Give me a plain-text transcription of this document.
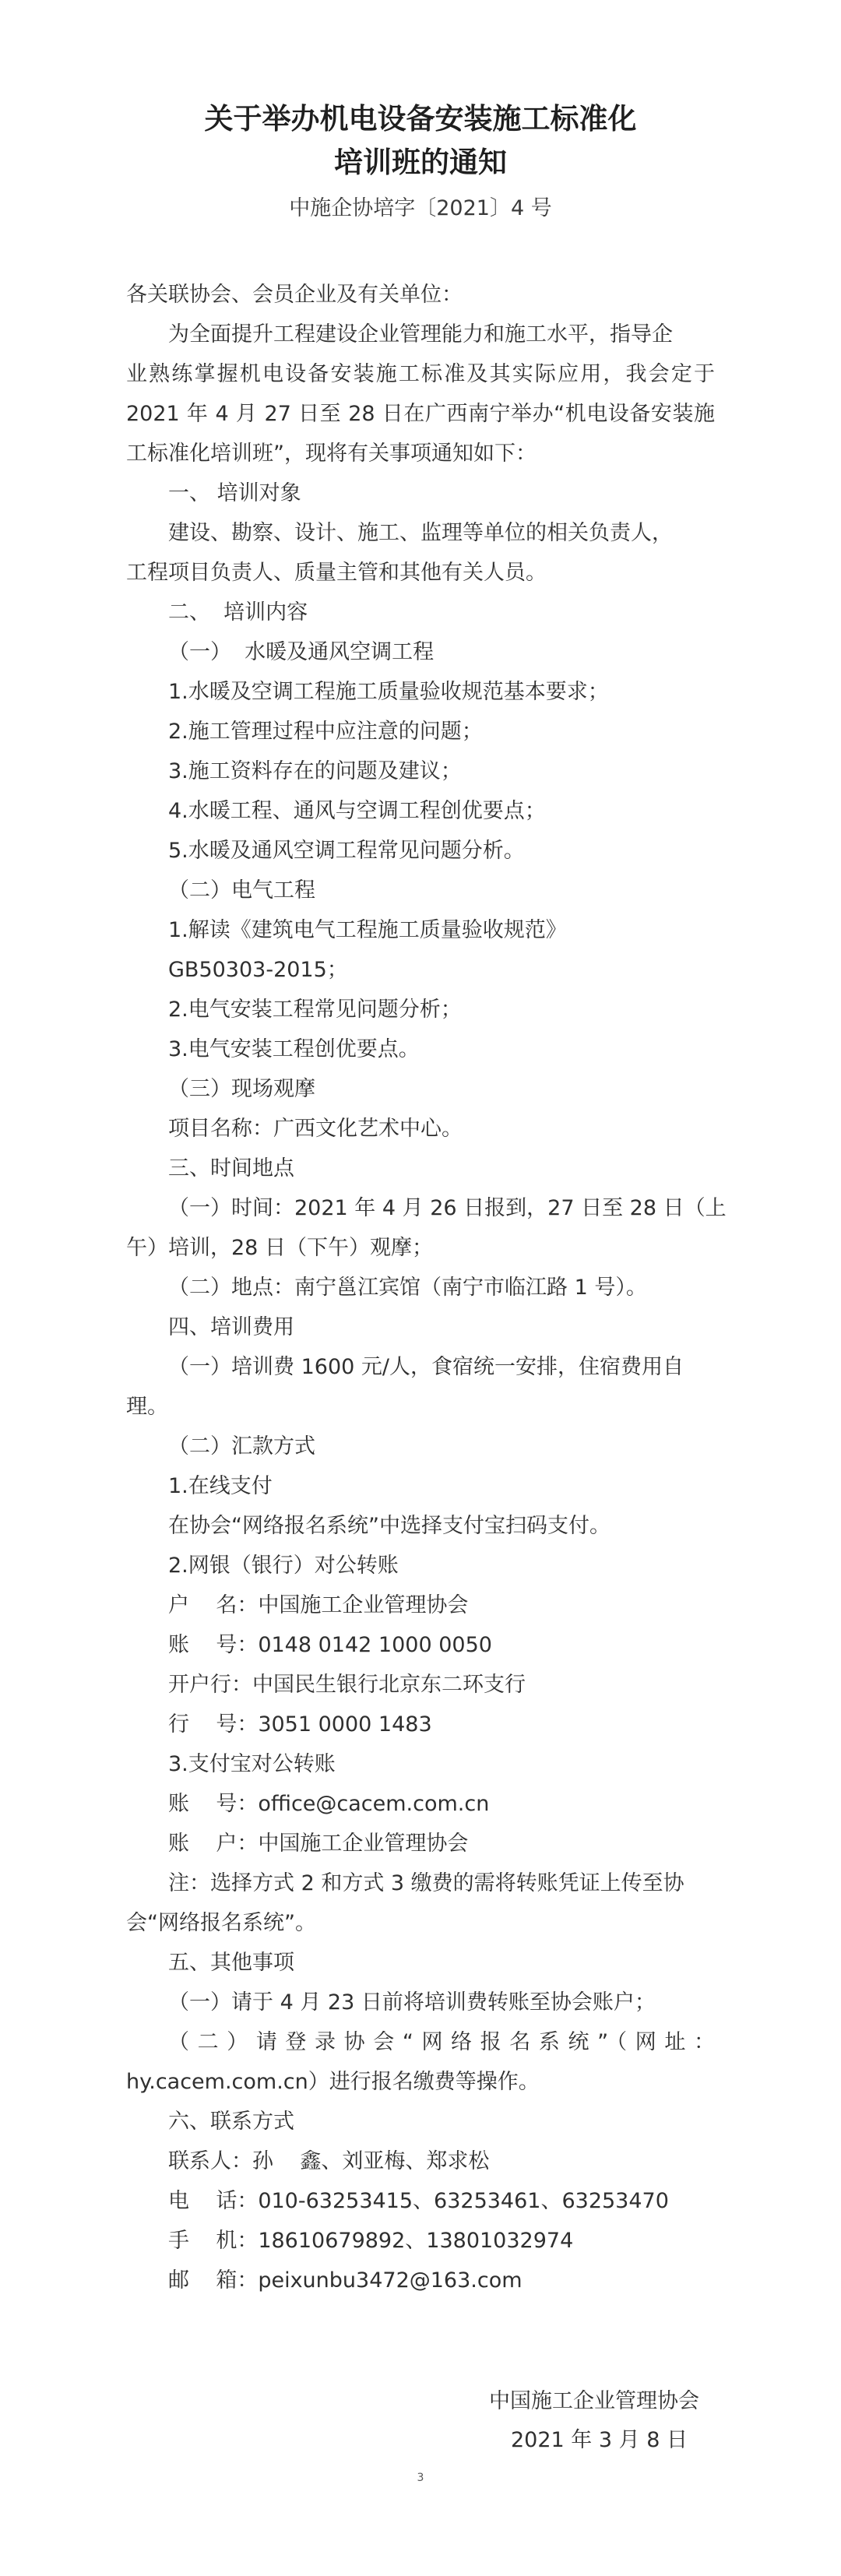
关于举办机电设备安装施工标准化
培训班的通知
中施企协培字〔2021〕4 号
各关联协会、会员企业及有关单位：
为全面提升工程建设企业管理能力和施工水平，指导企
业熟练掌握机电设备安装施工标准及其实际应用，我会定于
2021 年 4 月 27 日至 28 日在广西南宁举办“机电设备安装施
工标准化培训班”，现将有关事项通知如下：
一、 培训对象
建设、勘察、设计、施工、监理等单位的相关负责人，
工程项目负责人、质量主管和其他有关人员。
二、  培训内容
（一）  水暖及通风空调工程
1.水暖及空调工程施工质量验收规范基本要求；
2.施工管理过程中应注意的问题；
3.施工资料存在的问题及建议；
4.水暖工程、通风与空调工程创优要点；
5.水暖及通风空调工程常见问题分析。
（二）电气工程
1.解读《建筑电气工程施工质量验收规范》
GB50303-2015；
2.电气安装工程常见问题分析；
3.电气安装工程创优要点。
（三）现场观摩
项目名称：广西文化艺术中心。
三、时间地点
（一）时间：2021 年 4 月 26 日报到，27 日至 28 日（上
午）培训，28 日（下午）观摩；
（二）地点：南宁邕江宾馆（南宁市临江路 1 号）。
四、培训费用
（一）培训费 1600 元/人，食宿统一安排，住宿费用自
理。
（二）汇款方式
1.在线支付
在协会“网络报名系统”中选择支付宝扫码支付。
2.网银（银行）对公转账
户    名：中国施工企业管理协会
账    号：0148 0142 1000 0050
开户行：中国民生银行北京东二环支行
行    号：3051 0000 1483
3.支付宝对公转账
账    号：office@cacem.com.cn
账    户：中国施工企业管理协会
注：选择方式 2 和方式 3 缴费的需将转账凭证上传至协
会“网络报名系统”。
五、其他事项
（一）请于 4 月 23 日前将培训费转账至协会账户；
（二）请登录协会“网络报名系统”（网址：
hy.cacem.com.cn）进行报名缴费等操作。
六、联系方式
联系人：孙    鑫、刘亚梅、郑求松
电    话：010-63253415、63253461、63253470
手    机：18610679892、13801032974
邮    箱：peixunbu3472@163.com
中国施工企业管理协会
2021 年 3 月 8 日
3
